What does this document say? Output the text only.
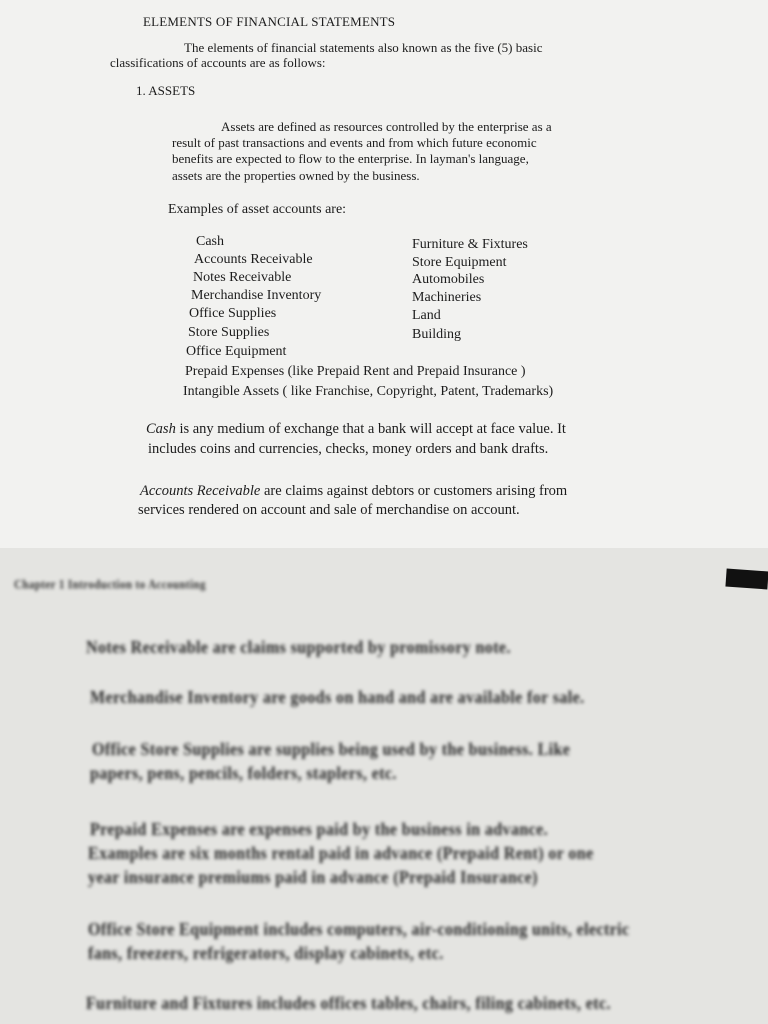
ELEMENTS OF FINANCIAL STATEMENTS
The elements of financial statements also known as the five (5) basic
classifications of accounts are as follows:
1. ASSETS
Assets are defined as resources controlled by the enterprise as a
result of past transactions and events and from which future economic
benefits are expected to flow to the enterprise. In layman's language,
assets are the properties owned by the business.
Examples of asset accounts are:
Cash
Accounts Receivable
Notes Receivable
Merchandise Inventory
Office Supplies
Store Supplies
Office Equipment
Furniture & Fixtures
Store Equipment
Automobiles
Machineries
Land
Building
Prepaid Expenses (like Prepaid Rent and Prepaid Insurance )
Intangible Assets ( like Franchise, Copyright, Patent, Trademarks)
Cash is any medium of exchange that a bank will accept at face value. It
includes coins and currencies, checks, money orders and bank drafts.
Accounts Receivable are claims against debtors or customers arising from
services rendered on account and sale of merchandise on account.
Chapter 1 Introduction to Accounting
Notes Receivable are claims supported by promissory note.
Merchandise Inventory are goods on hand and are available for sale.
Office Store Supplies are supplies being used by the business. Like
papers, pens, pencils, folders, staplers, etc.
Prepaid Expenses are expenses paid by the business in advance.
Examples are six months rental paid in advance (Prepaid Rent) or one
year insurance premiums paid in advance (Prepaid Insurance)
Office Store Equipment includes computers, air-conditioning units, electric
fans, freezers, refrigerators, display cabinets, etc.
Furniture and Fixtures includes offices tables, chairs, filing cabinets, etc.
